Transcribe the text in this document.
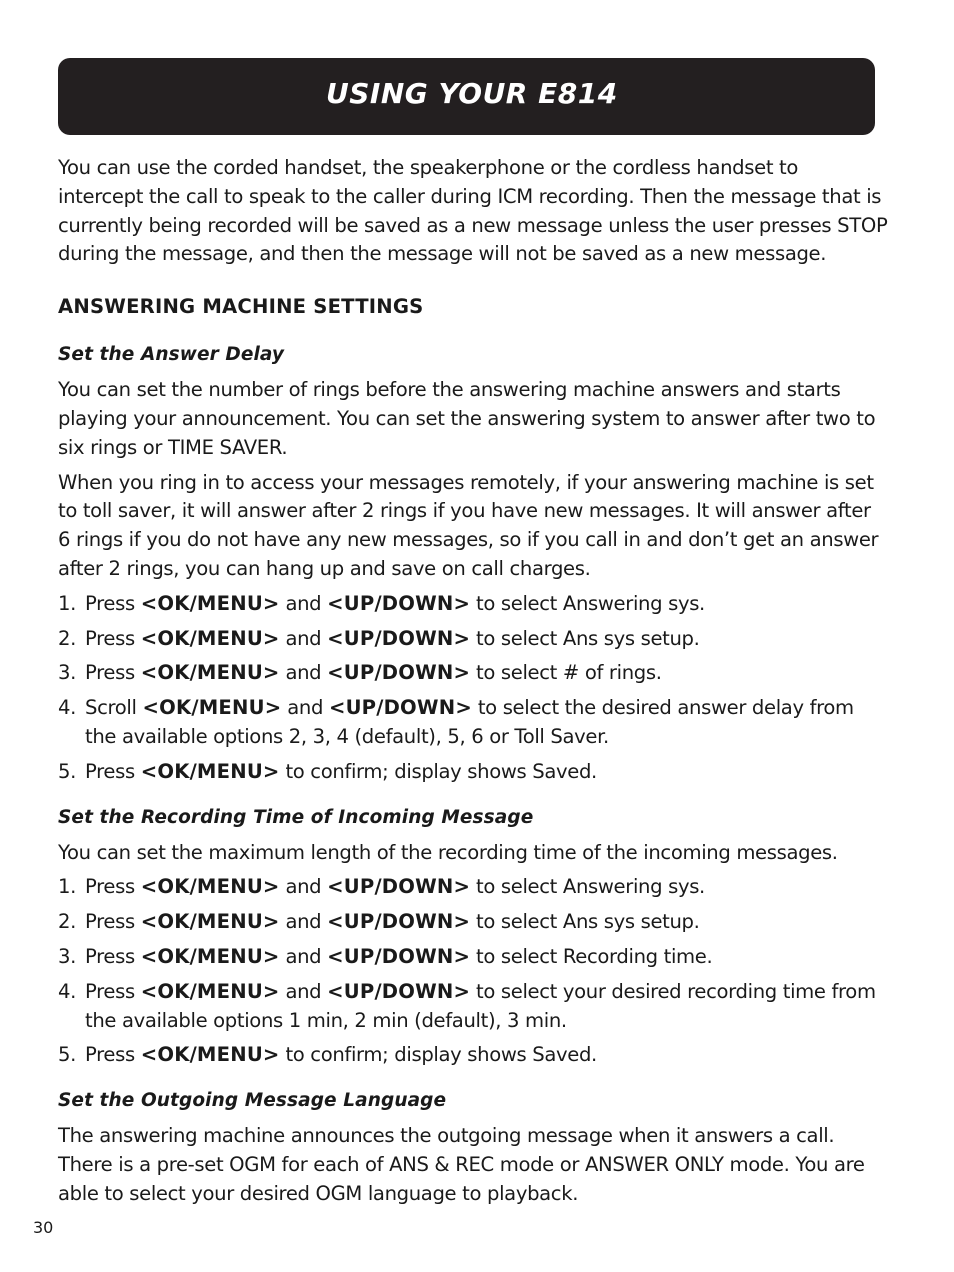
USING YOUR E814

You can use the corded handset, the speakerphone or the cordless handset to intercept the call to speak to the caller during ICM recording. Then the message that is currently being recorded will be saved as a new message unless the user presses STOP during the message, and then the message will not be saved as a new message.

ANSWERING MACHINE SETTINGS
Set the Answer Delay

You can set the number of rings before the answering machine answers and starts playing your announcement. You can set the answering system to answer after two to six rings or TIME SAVER.

When you ring in to access your messages remotely, if your answering machine is set to toll saver, it will answer after 2 rings if you have new messages. It will answer after 6 rings if you do not have any new messages, so if you call in and don’t get an answer after 2 rings, you can hang up and save on call charges.

1. Press <OK/MENU> and <UP/DOWN> to select Answering sys.
2. Press <OK/MENU> and <UP/DOWN> to select Ans sys setup.
3. Press <OK/MENU> and <UP/DOWN> to select # of rings.
4. Scroll <OK/MENU> and <UP/DOWN> to select the desired answer delay from the available options 2, 3, 4 (default), 5, 6 or Toll Saver.
5. Press <OK/MENU> to confirm; display shows Saved.
Set the Recording Time of Incoming Message

You can set the maximum length of the recording time of the incoming messages.

1. Press <OK/MENU> and <UP/DOWN> to select Answering sys.
2. Press <OK/MENU> and <UP/DOWN> to select Ans sys setup.
3. Press <OK/MENU> and <UP/DOWN> to select Recording time.
4. Press <OK/MENU> and <UP/DOWN> to select your desired recording time from the available options 1 min, 2 min (default), 3 min.
5. Press <OK/MENU> to confirm; display shows Saved.
Set the Outgoing Message Language

The answering machine announces the outgoing message when it answers a call. There is a pre-set OGM for each of ANS & REC mode or ANSWER ONLY mode. You are able to select your desired OGM language to playback.

30
